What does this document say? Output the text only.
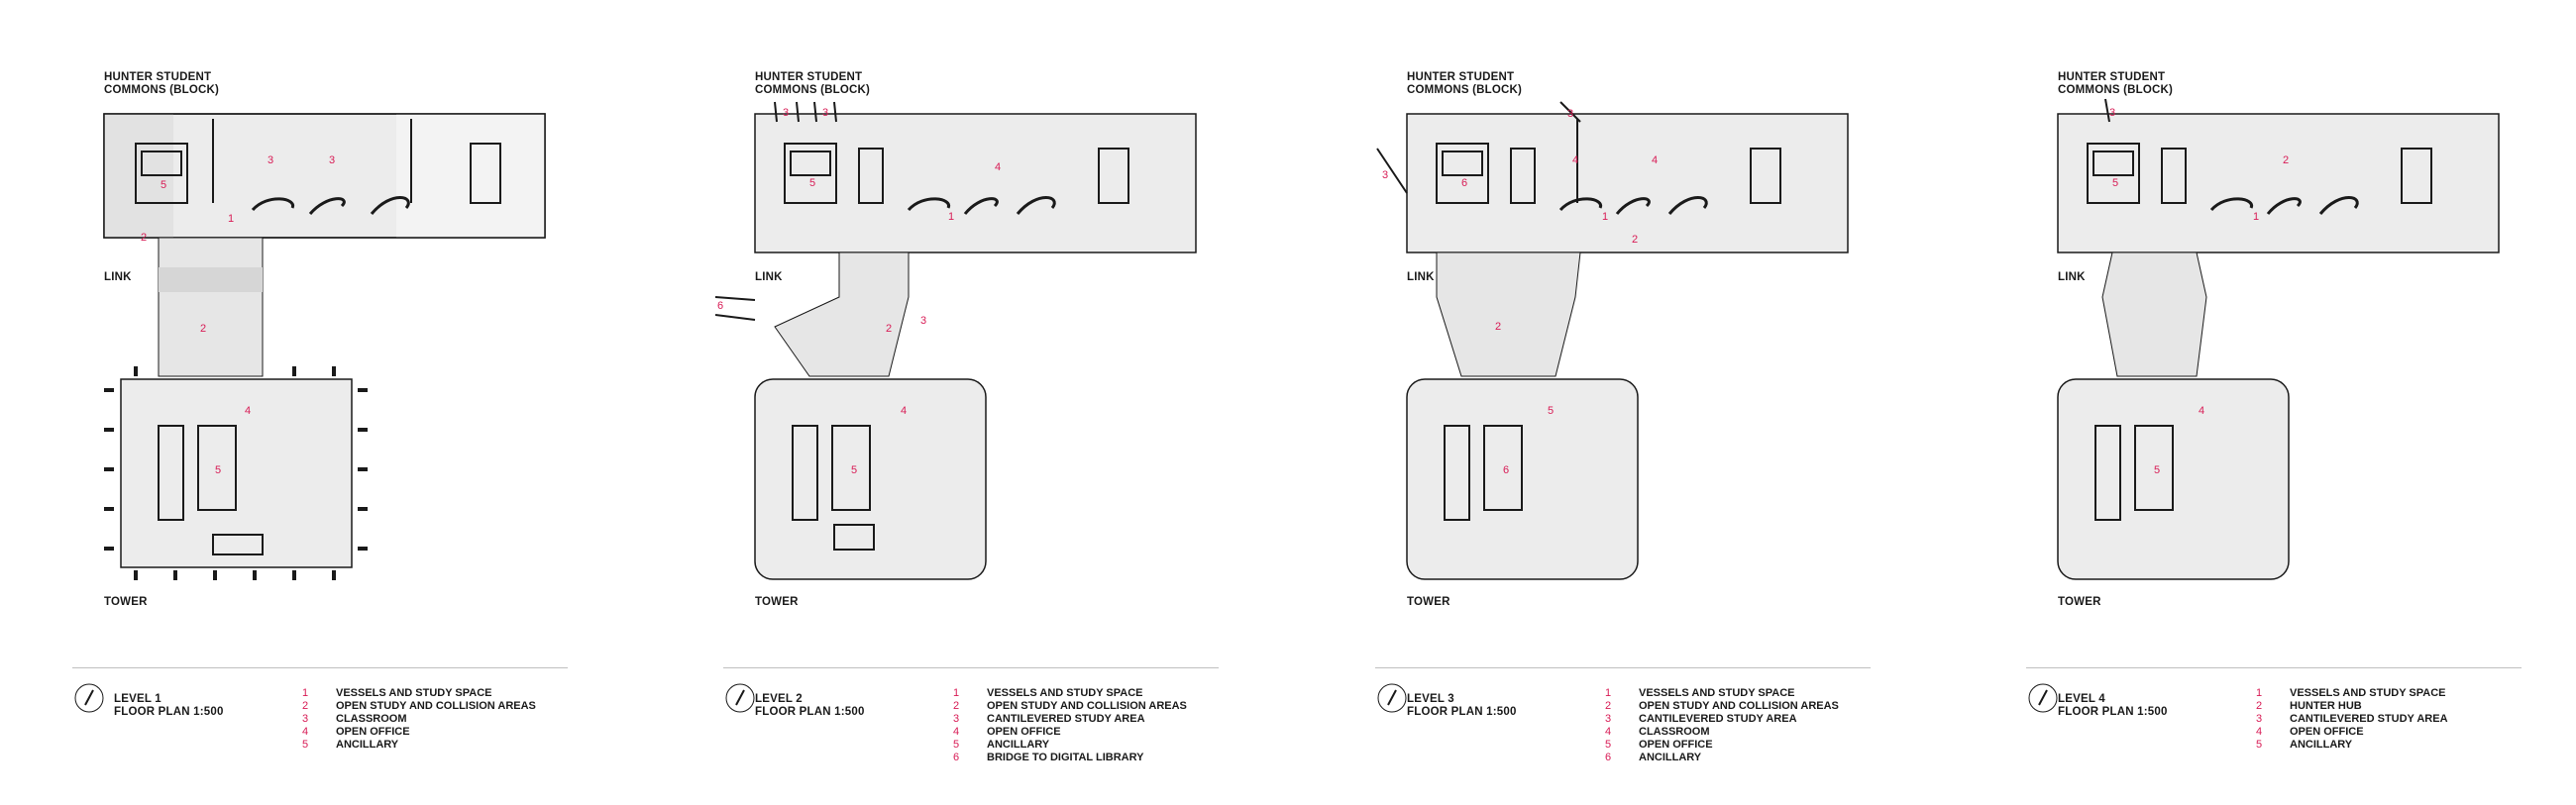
1
2
2
3	3
4
5
5
HUNTER STUDENT COMMONS (BLOCK)
LINK
TOWER
LEVEL 1
FLOOR PLAN 1:500
1	VESSELS AND STUDY SPACE
2	OPEN STUDY AND COLLISION AREAS
3	CLASSROOM
4	OPEN OFFICE
5	ANCILLARY
1
2
3	3
3
4
4
5
5
6
HUNTER STUDENT COMMONS (BLOCK)
LINK
TOWER
LEVEL 2
FLOOR PLAN 1:500
1	VESSELS AND STUDY SPACE
2	OPEN STUDY AND COLLISION AREAS
3	CANTILEVERED STUDY AREA
4	OPEN OFFICE
5	ANCILLARY
6	BRIDGE TO DIGITAL LIBRARY
1
2
2
3
3
4	4
5
6
6
HUNTER STUDENT COMMONS (BLOCK)
LINK
TOWER
LEVEL 3
FLOOR PLAN 1:500
1	VESSELS AND STUDY SPACE
2	OPEN STUDY AND COLLISION AREAS
3	CANTILEVERED STUDY AREA
4	CLASSROOM
5	OPEN OFFICE
6	ANCILLARY
1
2
3
4
5
5
HUNTER STUDENT COMMONS (BLOCK)
LINK
TOWER
LEVEL 4
FLOOR PLAN 1:500
1	VESSELS AND STUDY SPACE
2	HUNTER HUB
3	CANTILEVERED STUDY AREA
4	OPEN OFFICE
5	ANCILLARY
